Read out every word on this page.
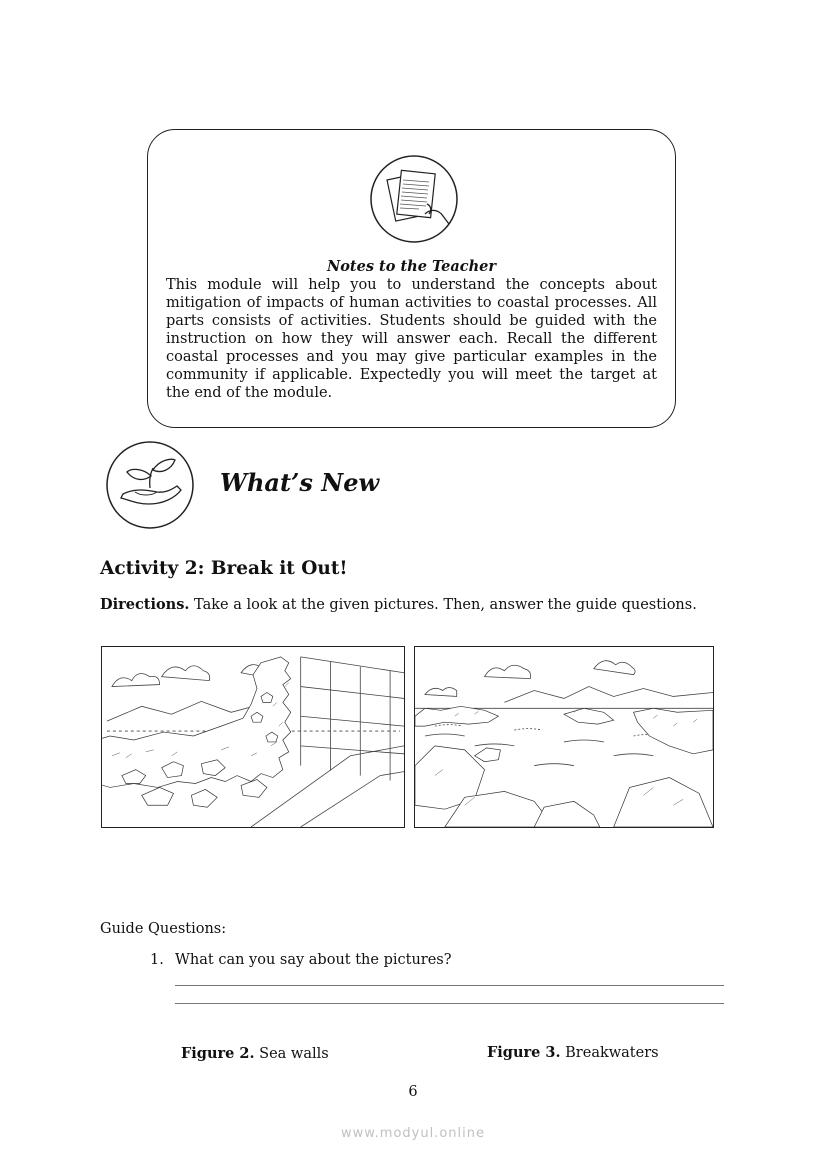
Notes to the Teacher
This module will help you to understand the concepts about mitigation of impacts of human activities to coastal processes. All parts consists of activities. Students should be guided with the instruction on how they will answer each. Recall the different coastal processes and you may give particular examples in the community if applicable. Expectedly you will meet the target at the end of the module.
What’s New
Activity 2: Break it Out!
Directions. Take a look at the given pictures. Then, answer the guide questions.
Guide Questions:
1. What can you say about the pictures?
Figure 2. Sea walls	Figure 3. Breakwaters
6
www.modyul.online
